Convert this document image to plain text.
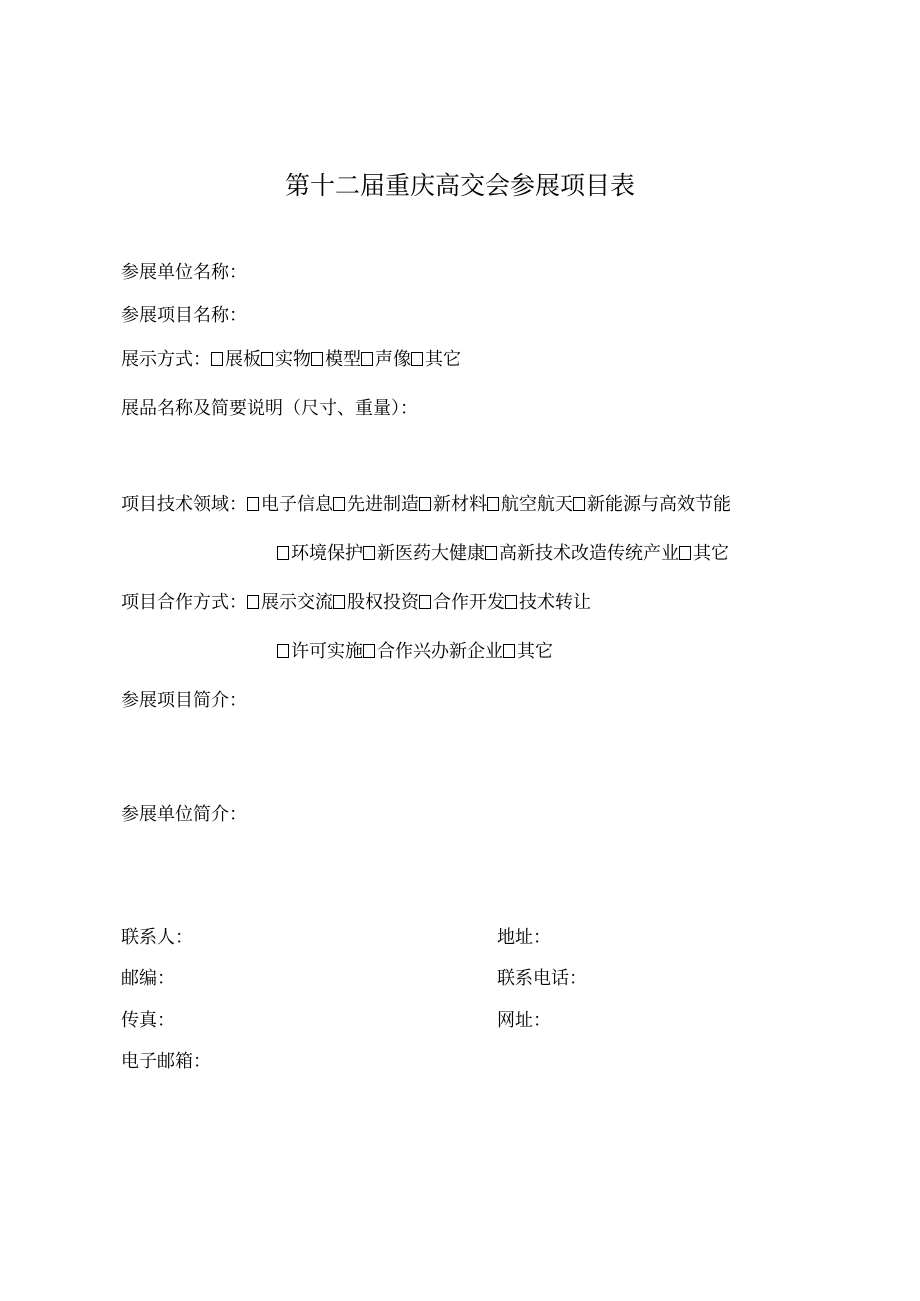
第十二届重庆高交会参展项目表
参展单位名称：
参展项目名称：
展示方式： 展板 实物 模型 声像 其它
展品名称及简要说明（尺寸、重量）：
项目技术领域： 电子信息 先进制造 新材料 航空航天 新能源与高效节能
环境保护 新医药大健康 高新技术改造传统产业 其它
项目合作方式： 展示交流 股权投资 合作开发 技术转让
许可实施 合作兴办新企业 其它
参展项目简介：
参展单位简介：
联系人：	地址：
邮编：	联系电话：
传真：	网址：
电子邮箱：
